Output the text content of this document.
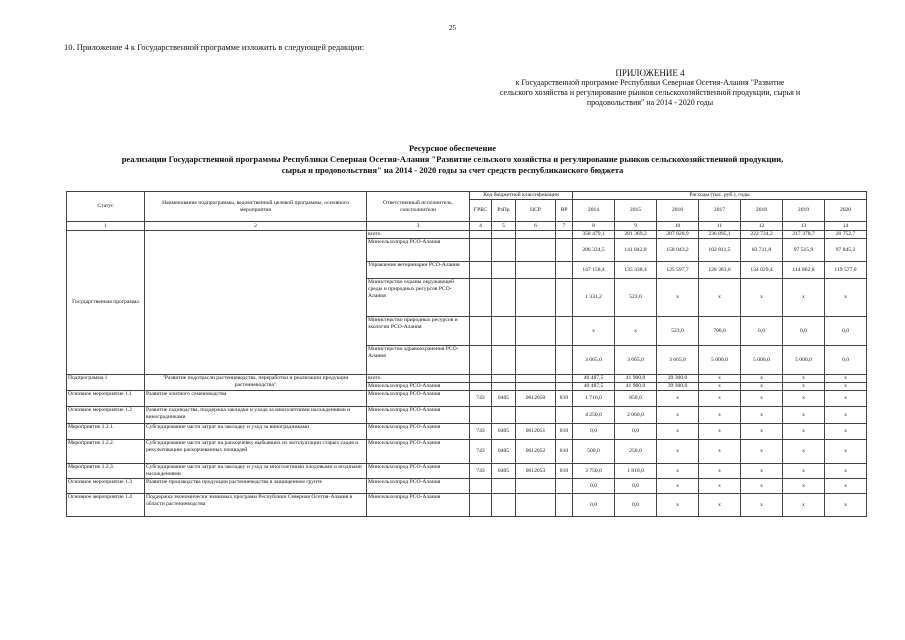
25
10. Приложение 4 к Государственной программе изложить в следующей редакции:
ПРИЛОЖЕНИЕ 4
к Государственной программе Республики Северная Осетия-Алания "Развитие
сельского хозяйства и регулирование рынков сельскохозяйственной продукции, сырья и
продовольствия" на 2014 - 2020 годы
Ресурсное обеспечение
реализации Государственной программы Республики Северная Осетия-Алания "Развитие сельского хозяйства и регулирование рынков сельскохозяйственной продукции,
сырья и продовольствия" на 2014 - 2020 годы за счет средств республиканского бюджета
Статус	Наименование подпрограммы, ведомственной целевой программы, основного мероприятия	Ответственный исполнитель, соисполнители	Код бюджетной классификации				Расходы (тыс. руб.), годы						
			ГРБС	РзПр	ЦСР	ВР	2014	2015	2016	2017	2018	2019	2020
1	2	3	4	5	6	7	8	9	10	11	12	13	14
Государственная программа		всего					358 479,1	281 369,2	287 828,9	236 895,1	222 734,2	217 378,7	20 752,7
		Минсельхозпрод РСО-Алания					206 324,5	141 842,8	158 043,2	102 811,5	83 711,8	97 515,9	97 845,2
		Управление ветеринарии РСО-Алания					147 158,4	135 338,4	125 597,7	128 383,6	134 029,4	114 862,8	119 577,0
		Министерство охраны окружающей среды и природных ресурсов РСО-Алания					1 331,2	523,0	х	х	х	х	х
		Министерство природных ресурсов и экологии РСО-Алания					х	х	523,0	700,0	0,0	0,0	0,0
		Министерство здравоохранения РСО-Алания					3 665,0	3 665,0	3 665,0	5 000,0	5 000,0	5 000,0	0,0
Подпрограмма 1	"Развитие подотрасли растениеводства, переработки и реализации продукции растениеводства"	всего					40 487,5	41 900,0	39 300,0	х	х	х	х
		Минсельхозпрод РСО-Алания					40 487,5	41 900,0	39 300,0	х	х	х	х
Основное мероприятие 1.1	Развитие элитного семеноводства	Минсельхозпрод РСО-Алания	743	0405	0612050	810	1 716,0	850,0	х	х	х	х	х
Основное мероприятие 1.2	Развитие садоводства, поддержка закладки и ухода за многолетними насаждениями и виноградниками	Минсельхозпрод РСО-Алания					4 250,0	2 060,0	х	х	х	х	х
Мероприятие 1.2.1.	Субсидирование части затрат на закладку и уход за виноградниками	Минсельхозпрод РСО-Алания	743	0405	0612051	810	0,0	0,0	х	х	х	х	х
Мероприятие 1.2.2.	Субсидирование части затрат на раскорчевку выбывших из эксплуатации старых садов и рекультивацию раскорчеванных площадей	Минсельхозпрод РСО-Алания	743	0405	0612052	810	500,0	250,0	х	х	х	х	х
Мероприятие 1.2.3.	Субсидирование части затрат на закладку и уход за многолетними плодовыми и ягодными насаждениями	Минсельхозпрод РСО-Алания	743	0405	0612053	810	3 750,0	1 810,0	х	х	х	х	х
Основное мероприятие 1.3	Развитие производства продукции растениеводства в защищенном грунте	Минсельхозпрод РСО-Алания					0,0	0,0	х	х	х	х	х
Основное мероприятие 1.4	Поддержка экономически значимых программ Республики Северная Осетия-Алания в области растениеводства	Минсельхозпрод РСО-Алания					0,0	0,0	х	х	х	х	х
